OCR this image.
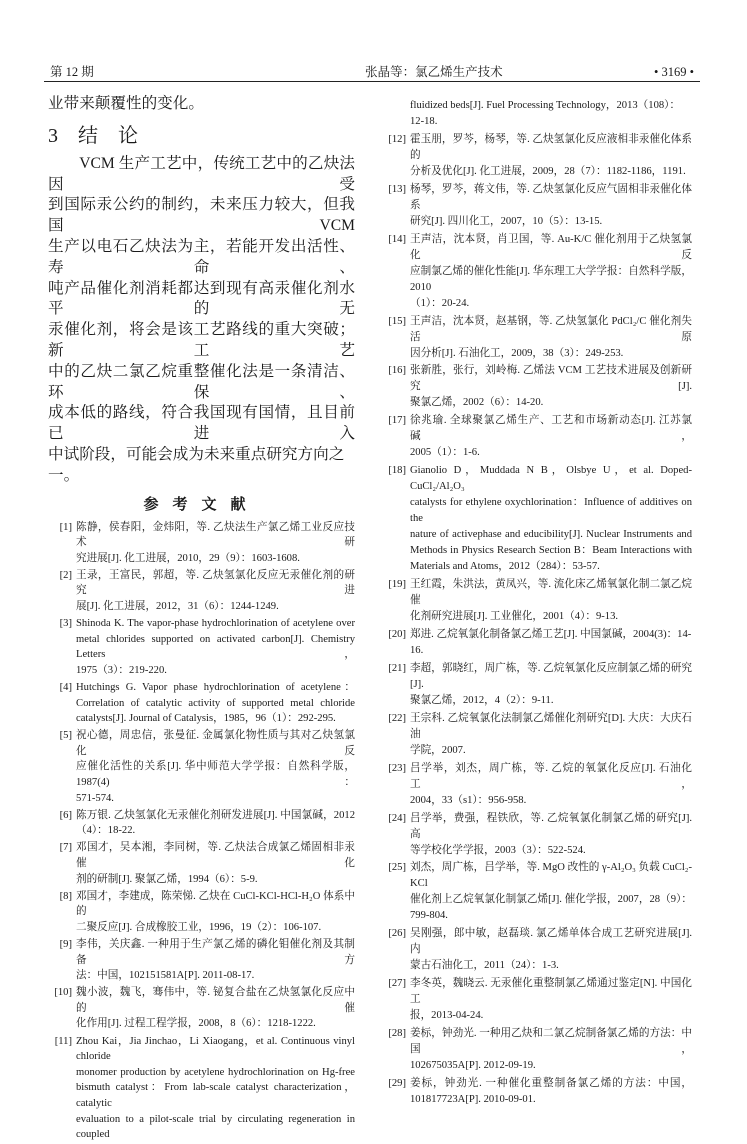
第 12 期	张晶等：氯乙烯生产技术	• 3169 •
业带来颠覆性的变化。
3 结　论
VCM 生产工艺中，传统工艺中的乙炔法因受
到国际汞公约的制约，未来压力较大，但我国 VCM
生产以电石乙炔法为主，若能开发出活性、寿命、
吨产品催化剂消耗都达到现有高汞催化剂水平的无
汞催化剂，将会是该工艺路线的重大突破；新工艺
中的乙炔二氯乙烷重整催化法是一条清洁、环保、
成本低的路线，符合我国现有国情，且目前已进入
中试阶段，可能会成为未来重点研究方向之一。
参考文献
[1] 陈静，侯春阳，金炜阳，等. 乙炔法生产氯乙烯工业反应技术研
究进展[J]. 化工进展，2010，29（9）：1603-1608.
[2] 王录，王富民，郭超，等. 乙炔氢氯化反应无汞催化剂的研究进
展[J]. 化工进展，2012，31（6）：1244-1249.
[3] Shinoda K. The vapor-phase hydrochlorination of acetylene over
metal chlorides supported on activated carbon[J]. Chemistry Letters，
1975（3）：219-220.
[4] Hutchings G. Vapor phase hydrochlorination of acetylene：
Correlation of catalytic activity of supported metal chloride
catalysts[J]. Journal of Catalysis，1985，96（1）：292-295.
[5] 祝心德，周忠信，张曼征. 金属氯化物性质与其对乙炔氢氯化反
应催化活性的关系[J]. 华中师范大学学报：自然科学版，1987(4)：
571-574.
[6] 陈万银. 乙炔氢氯化无汞催化剂研发进展[J]. 中国氯碱，2012
（4）：18-22.
[7] 邓国才，吴本湘，李同树，等. 乙炔法合成氯乙烯固相非汞催化
剂的研制[J]. 聚氯乙烯，1994（6）：5-9.
[8] 邓国才，李建成，陈荣悌. 乙炔在 CuCl-KCl-HCl-H₂O 体系中的
二聚反应[J]. 合成橡胶工业，1996，19（2）：106-107.
[9] 李伟，关庆鑫. 一种用于生产氯乙烯的磷化钼催化剂及其制备方
法：中国，102151581A[P]. 2011-08-17.
[10] 魏小波，魏飞，骞伟中，等. 铋复合盐在乙炔氢氯化反应中的催
化作用[J]. 过程工程学报，2008，8（6）：1218-1222.
[11] Zhou Kai，Jia Jinchao，Li Xiaogang，et al. Continuous vinyl chloride
monomer production by acetylene hydrochlorination on Hg-free
bismuth catalyst：From lab-scale catalyst characterization，catalytic
evaluation to a pilot-scale trial by circulating regeneration in coupled
fluidized beds[J]. Fuel Processing Technology，2013（108）：12-18.
[12] 霍玉朋，罗芩，杨琴，等. 乙炔氢氯化反应液相非汞催化体系的
分析及优化[J]. 化工进展，2009，28（7）：1182-1186，1191.
[13] 杨琴，罗芩，蒋文伟，等. 乙炔氢氯化反应气固相非汞催化体系
研究[J]. 四川化工，2007，10（5）：13-15.
[14] 王声洁，沈本贤，肖卫国，等. Au-K/C 催化剂用于乙炔氢氯化反
应制氯乙烯的催化性能[J]. 华东理工大学学报：自然科学版，2010
（1）：20-24.
[15] 王声洁，沈本贤，赵基钢，等. 乙炔氢氯化 PdCl₂/C 催化剂失活原
因分析[J]. 石油化工，2009，38（3）：249-253.
[16] 张新胜，张行，刘岭梅. 乙烯法 VCM 工艺技术进展及创新研究[J].
聚氯乙烯，2002（6）：14-20.
[17] 徐兆瑜. 全球聚氯乙烯生产、工艺和市场新动态[J]. 江苏氯碱，
2005（1）：1-6.
[18] Gianolio D，Muddada N B，Olsbye U，et al. Doped-CuCl₂/Al₂O₃
catalysts for ethylene oxychlorination：Influence of additives on the
nature of activephase and educibility[J]. Nuclear Instruments and
Methods in Physics Research Section B：Beam Interactions with
Materials and Atoms，2012（284）：53-57.
[19] 王红霞，朱洪法，黄凤兴，等. 流化床乙烯氧氯化制二氯乙烷催
化剂研究进展[J]. 工业催化，2001（4）：9-13.
[20] 郑进. 乙烷氧氯化制备氯乙烯工艺[J]. 中国氯碱，2004(3)：14-16.
[21] 李超，郭晓红，周广栋，等. 乙烷氧氯化反应制氯乙烯的研究[J].
聚氯乙烯，2012，4（2）：9-11.
[22] 王宗科. 乙烷氧氯化法制氯乙烯催化剂研究[D]. 大庆：大庆石油
学院，2007.
[23] 吕学举，刘杰，周广栋，等. 乙烷的氧氯化反应[J]. 石油化工，
2004，33（s1）：956-958.
[24] 吕学举，费强，程铁欣，等. 乙烷氧氯化制氯乙烯的研究[J]. 高
等学校化学学报，2003（3）：522-524.
[25] 刘杰，周广栋，吕学举，等. MgO 改性的 γ-Al₂O₃ 负载 CuCl₂-KCl
催化剂上乙烷氧氯化制氯乙烯[J]. 催化学报，2007，28（9）：
799-804.
[26] 吴刚强，郎中敏，赵磊琰. 氯乙烯单体合成工艺研究进展[J]. 内
蒙古石油化工，2011（24）：1-3.
[27] 李冬英，魏晓云. 无汞催化重整制氯乙烯通过鉴定[N]. 中国化工
报，2013-04-24.
[28] 姜标，钟劲光. 一种用乙炔和二氯乙烷制备氯乙烯的方法：中国，
102675035A[P]. 2012-09-19.
[29] 姜标，钟劲光. 一种催化重整制备氯乙烯的方法：中国，
101817723A[P]. 2010-09-01.
